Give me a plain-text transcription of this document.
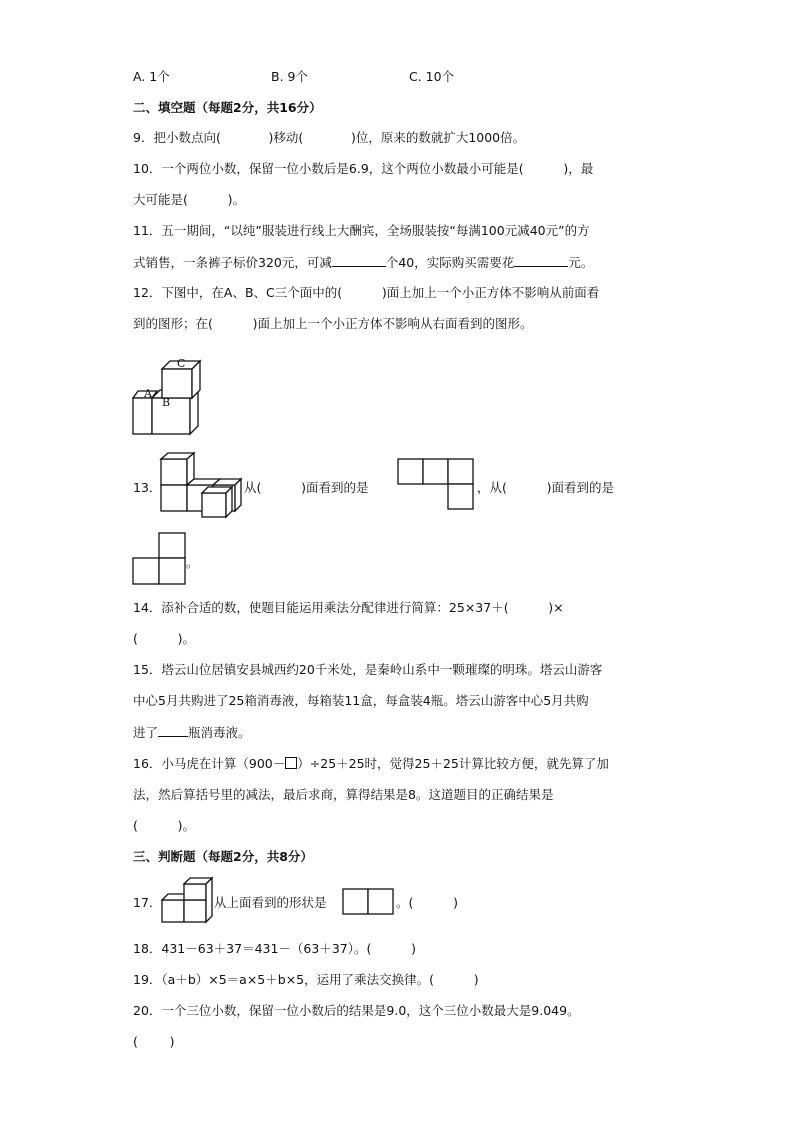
A. 1个	B. 9个	C. 10个
二、填空题（每题2分，共16分）
9．把小数点向(            )移动(            )位，原来的数就扩大1000倍。
10．一个两位小数，保留一位小数后是6.9，这个两位小数最小可能是(          )，最
大可能是(          )。
11．五一期间，“以纯”服装进行线上大酬宾，全场服装按“每满100元减40元”的方
式销售，一条裤子标价320元，可减	个40，实际购买需要花	元。
12．下图中，在A、B、C三个面中的(          )面上加上一个小正方体不影响从前面看
到的图形；在(          )面上加上一个小正方体不影响从右面看到的图形。
A
B
C
13．	从(          )面看到的是	，从(          )面看到的是
。
14．添补合适的数，使题目能运用乘法分配律进行简算：25×37＋(          )×
(          )。
15．塔云山位居镇安县城西约20千米处，是秦岭山系中一颗璀璨的明珠。塔云山游客
中心5月共购进了25箱消毒液，每箱装11盒，每盒装4瓶。塔云山游客中心5月共购
进了 瓶消毒液。
16．小马虎在计算（900－ ）÷25＋25时，觉得25＋25计算比较方便，就先算了加
法，然后算括号里的减法，最后求商，算得结果是8。这道题目的正确结果是
(          )。
三、判断题（每题2分，共8分）
17．	从上面看到的形状是	。(          )
18．431－63＋37＝431－（63＋37）。(          )
19．（a＋b）×5＝a×5＋b×5，运用了乘法交换律。(          )
20．一个三位小数，保留一位小数后的结果是9.0，这个三位小数最大是9.049。
(        )
